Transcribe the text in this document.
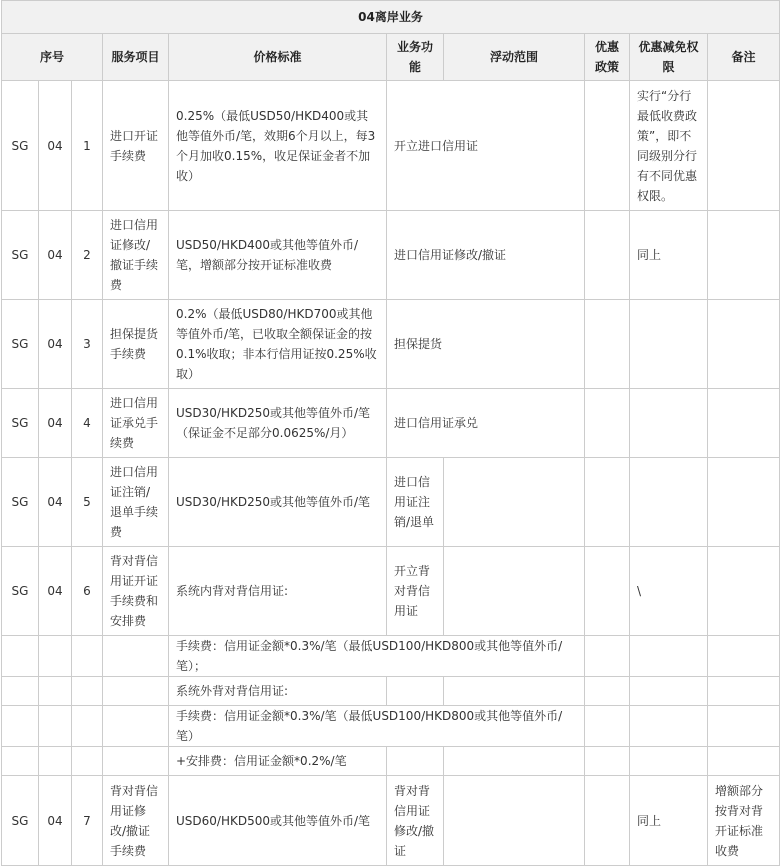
04离岸业务									
序号			服务项目	价格标准	业务功能	浮动范围	优惠政策	优惠减免权限	备注
SG	04	1	进口开证手续费	0.25%（最低USD50/HKD400或其他等值外币/笔，效期6个月以上，每3个月加收0.15%，收足保证金者不加收）	开立进口信用证			实行“分行最低收费政策”，即不同级别分行有不同优惠权限。	
SG	04	2	进口信用证修改/撤证手续费	USD50/HKD400或其他等值外币/笔，增额部分按开证标准收费	进口信用证修改/撤证			同上	
SG	04	3	担保提货手续费	0.2%（最低USD80/HKD700或其他等值外币/笔，已收取全额保证金的按0.1%收取；非本行信用证按0.25%收取）	担保提货				
SG	04	4	进口信用证承兑手续费	USD30/HKD250或其他等值外币/笔（保证金不足部分0.0625%/月）	进口信用证承兑				
SG	04	5	进口信用证注销/退单手续费	USD30/HKD250或其他等值外币/笔	进口信用证注销/退单				
SG	04	6	背对背信用证开证手续费和安排费	系统内背对背信用证:	开立背对背信用证			\	
				手续费：信用证金额*0.3%/笔（最低USD100/HKD800或其他等值外币/笔）；					
				系统外背对背信用证:					
				手续费：信用证金额*0.3%/笔（最低USD100/HKD800或其他等值外币/笔）					
				+安排费：信用证金额*0.2%/笔					
SG	04	7	背对背信用证修改/撤证手续费	USD60/HKD500或其他等值外币/笔	背对背信用证修改/撤证			同上	增额部分按背对背开证标准收费
